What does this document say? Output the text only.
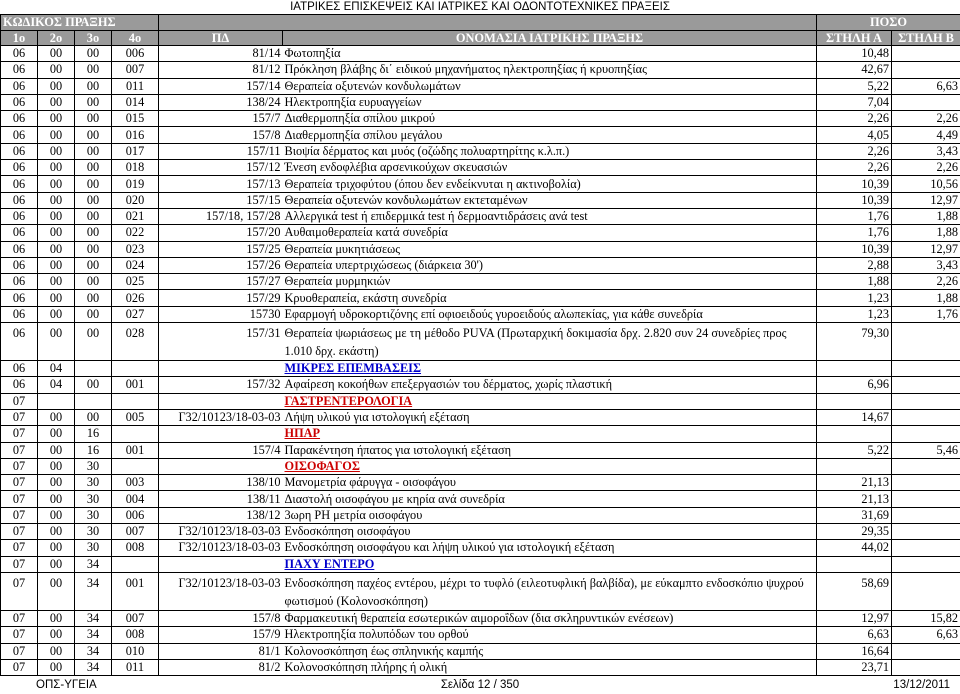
ΙΑΤΡΙΚΕΣ ΕΠΙΣΚΕΨΕΙΣ ΚΑΙ ΙΑΤΡΙΚΕΣ ΚΑΙ ΟΔΟΝΤΟΤΕΧΝΙΚΕΣ ΠΡΑΞΕΙΣ
ΚΩΔΙΚΟΣ ΠΡΑΞΗΣ						ΠΟΣΟ	
1ο	2ο	3ο	4ο	ΠΔ	ΟΝΟΜΑΣΙΑ ΙΑΤΡΙΚΗΣ ΠΡΑΞΗΣ	ΣΤΗΛΗ Α	ΣΤΗΛΗ Β
06	00	00	006	81/14	Φωτοπηξία	10,48	
06	00	00	007	81/12	Πρόκληση βλάβης δι΄ ειδικού μηχανήματος ηλεκτροπηξίας ή κρυοπηξίας	42,67	
06	00	00	011	157/14	Θεραπεία οξυτενών κονδυλωμάτων	5,22	6,63
06	00	00	014	138/24	Ηλεκτροπηξία ευρυαγγείων	7,04	
06	00	00	015	157/7	Διαθερμοπηξία σπίλου μικρού	2,26	2,26
06	00	00	016	157/8	Διαθερμοπηξία σπίλου μεγάλου	4,05	4,49
06	00	00	017	157/11	Βιοψία δέρματος και μυός (οζώδης πολυαρτηρίτης κ.λ.π.)	2,26	3,43
06	00	00	018	157/12	Ένεση ενδοφλέβια αρσενικούχων σκευασιών	2,26	2,26
06	00	00	019	157/13	Θεραπεία τριχοφύτου (όπου δεν ενδείκνυται η ακτινοβολία)	10,39	10,56
06	00	00	020	157/15	Θεραπεία οξυτενών κονδυλωμάτων εκτεταμένων	10,39	12,97
06	00	00	021	157/18, 157/28	Αλλεργικά test ή επιδερμικά test ή δερμοαντιδράσεις ανά test	1,76	1,88
06	00	00	022	157/20	Αυθαιμοθεραπεία κατά συνεδρία	1,76	1,88
06	00	00	023	157/25	Θεραπεία μυκητιάσεως	10,39	12,97
06	00	00	024	157/26	Θεραπεία υπερτριχώσεως (διάρκεια 30')	2,88	3,43
06	00	00	025	157/27	Θεραπεία μυρμηκιών	1,88	2,26
06	00	00	026	157/29	Κρυοθεραπεία, εκάστη συνεδρία	1,23	1,88
06	00	00	027	15730	Εφαρμογή υδροκορτιζόνης επί οφιοειδούς γυροειδούς αλωπεκίας, για κάθε συνεδρία	1,23	1,76
06	00	00	028	157/31	Θεραπεία ψωριάσεως με τη μέθοδο PUVA (Πρωταρχική δοκιμασία δρχ. 2.820 συν 24 συνεδρίες προς 1.010 δρχ. εκάστη)	79,30	
06	04				ΜΙΚΡΕΣ ΕΠΕΜΒΑΣΕΙΣ		
06	04	00	001	157/32	Αφαίρεση κοκοήθων επεξεργασιών του δέρματος, χωρίς πλαστική	6,96	
07					ΓΑΣΤΡΕΝΤΕΡΟΛΟΓΙΑ		
07	00	00	005	Γ32/10123/18-03-03	Λήψη υλικού για ιστολογική εξέταση	14,67	
07	00	16			ΗΠΑΡ		
07	00	16	001	157/4	Παρακέντηση ήπατος για ιστολογική εξέταση	5,22	5,46
07	00	30			ΟΙΣΟΦΑΓΟΣ		
07	00	30	003	138/10	Μανομετρία φάρυγγα - οισοφάγου	21,13	
07	00	30	004	138/11	Διαστολή οισοφάγου με κηρία ανά συνεδρία	21,13	
07	00	30	006	138/12	3ωρη PH μετρία οισοφάγου	31,69	
07	00	30	007	Γ32/10123/18-03-03	Ενδοσκόπηση οισοφάγου	29,35	
07	00	30	008	Γ32/10123/18-03-03	Ενδοσκόπηση οισοφάγου και λήψη υλικού για ιστολογική εξέταση	44,02	
07	00	34			ΠΑΧΥ ΕΝΤΕΡΟ		
07	00	34	001	Γ32/10123/18-03-03	Ενδοσκόπηση παχέος εντέρου, μέχρι το τυφλό (ειλεοτυφλική βαλβίδα), με εύκαμπτο ενδοσκόπιο ψυχρού φωτισμού (Κολονοσκόπηση)	58,69	
07	00	34	007	157/8	Φαρμακευτική θεραπεία εσωτερικών αιμοροΐδων (δια σκληρυντικών ενέσεων)	12,97	15,82
07	00	34	008	157/9	Ηλεκτροπηξία πολυπόδων του ορθού	6,63	6,63
07	00	34	010	81/1	Κολονοσκόπηση έως σπληνικής καμπής	16,64	
07	00	34	011	81/2	Κολονοσκόπηση πλήρης ή ολική	23,71	
Σελίδα 12 / 350
ΟΠΣ-ΥΓΕΙΑ	13/12/2011
